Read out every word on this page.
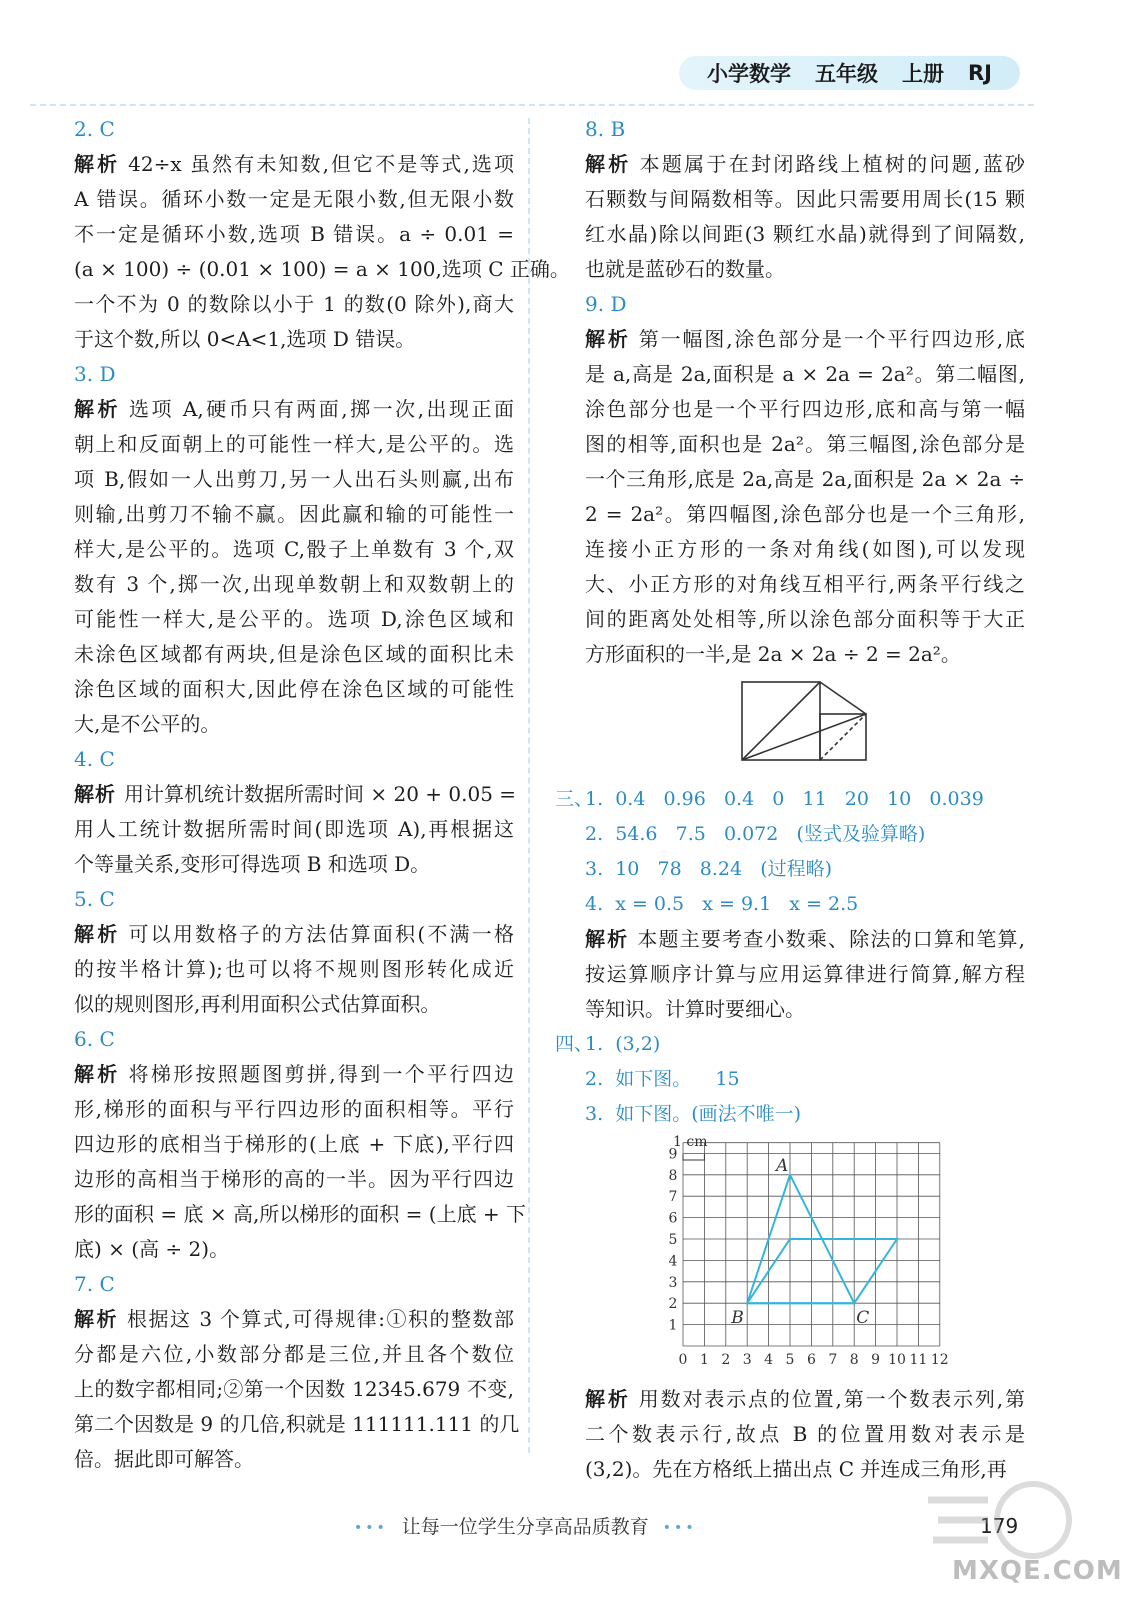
小学数学 五年级 上册 RJ
2. C
解析 42÷x 虽然有未知数,但它不是等式,选项
A 错误。循环小数一定是无限小数,但无限小数
不一定是循环小数,选项 B 错误。a ÷ 0.01 =
(a × 100) ÷ (0.01 × 100) = a × 100,选项 C 正确。
一个不为 0 的数除以小于 1 的数(0 除外),商大
于这个数,所以 0<A<1,选项 D 错误。
3. D
解析 选项 A,硬币只有两面,掷一次,出现正面
朝上和反面朝上的可能性一样大,是公平的。选
项 B,假如一人出剪刀,另一人出石头则赢,出布
则输,出剪刀不输不赢。因此赢和输的可能性一
样大,是公平的。选项 C,骰子上单数有 3 个,双
数有 3 个,掷一次,出现单数朝上和双数朝上的
可能性一样大,是公平的。选项 D,涂色区域和
未涂色区域都有两块,但是涂色区域的面积比未
涂色区域的面积大,因此停在涂色区域的可能性
大,是不公平的。
4. C
解析 用计算机统计数据所需时间 × 20 + 0.05 =
用人工统计数据所需时间(即选项 A),再根据这
个等量关系,变形可得选项 B 和选项 D。
5. C
解析 可以用数格子的方法估算面积(不满一格
的按半格计算);也可以将不规则图形转化成近
似的规则图形,再利用面积公式估算面积。
6. C
解析 将梯形按照题图剪拼,得到一个平行四边
形,梯形的面积与平行四边形的面积相等。平行
四边形的底相当于梯形的(上底 + 下底),平行四
边形的高相当于梯形的高的一半。因为平行四边
形的面积 = 底 × 高,所以梯形的面积 = (上底 + 下
底) × (高 ÷ 2)。
7. C
解析 根据这 3 个算式,可得规律:①积的整数部
分都是六位,小数部分都是三位,并且各个数位
上的数字都相同;②第一个因数 12345.679 不变,
第二个因数是 9 的几倍,积就是 111111.111 的几
倍。据此即可解答。
8. B
解析 本题属于在封闭路线上植树的问题,蓝砂
石颗数与间隔数相等。因此只需要用周长(15 颗
红水晶)除以间距(3 颗红水晶)就得到了间隔数,
也就是蓝砂石的数量。
9. D
解析 第一幅图,涂色部分是一个平行四边形,底
是 a,高是 2a,面积是 a × 2a = 2a²。第二幅图,
涂色部分也是一个平行四边形,底和高与第一幅
图的相等,面积也是 2a²。第三幅图,涂色部分是
一个三角形,底是 2a,高是 2a,面积是 2a × 2a ÷
2 = 2a²。第四幅图,涂色部分也是一个三角形,
连接小正方形的一条对角线(如图),可以发现
大、小正方形的对角线互相平行,两条平行线之
间的距离处处相等,所以涂色部分面积等于大正
方形面积的一半,是 2a × 2a ÷ 2 = 2a²。
三、
1.  0.4   0.96   0.4   0   11   20   10   0.039
2.  54.6   7.5   0.072   (竖式及验算略)
3.  10   78   8.24   (过程略)
4.  x = 0.5   x = 9.1   x = 2.5
解析 本题主要考查小数乘、除法的口算和笔算,
按运算顺序计算与应用运算律进行简算,解方程
等知识。计算时要细心。
四、
1.  (3,2)
2.  如下图。    15
3.  如下图。(画法不唯一)
0 1 2 3 4 5 6 7 8 9 10 11 12
1
2
3
4
5
6
7
8
9
1 cm
A
B	C
解析 用数对表示点的位置,第一个数表示列,第
二个数表示行,故点 B 的位置用数对表示是
(3,2)。先在方格纸上描出点 C 并连成三角形,再
••• 让每一位学生分享高品质教育 •••	179
MXQE.COM
